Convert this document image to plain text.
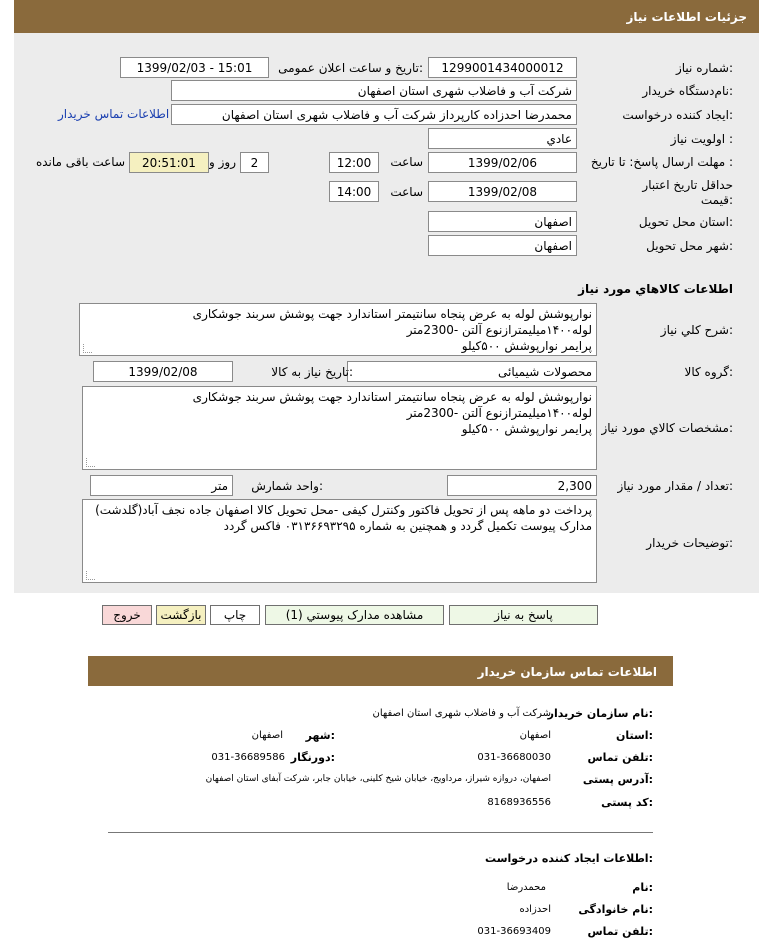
جزئیات اطلاعات نیاز
شماره نیاز:
1299001434000012
تاریخ و ساعت اعلان عمومی:
1399/02/03 - 15:01
نام‌دستگاه خریدار:
شرکت آب و فاضلاب شهری استان اصفهان
ایجاد کننده درخواست:
محمدرضا احدزاده کارپرداز شرکت آب و فاضلاب شهری استان اصفهان
اطلاعات تماس خریدار
اولویت نیاز :
عادي
مهلت ارسال پاسخ: تا تاریخ :
1399/02/06
ساعت
12:00
2
روز و
20:51:01
ساعت باقی مانده
حداقل تاریخ اعتبار قیمت:
1399/02/08
ساعت
14:00
استان محل تحویل:
اصفهان
شهر محل تحویل:
اصفهان
اطلاعات کالاهاي مورد نياز
شرح کلي نياز:
نوارپوشش لوله به عرض پنجاه سانتیمتر استاندارد جهت پوشش سربند جوشکاری
لوله۱۴۰۰میلیمترازنوع آلتن -2300متر
پرایمر نوارپوشش ۵۰۰کیلو
گروه کالا:
محصولات شیمیائی
تاریخ نیاز به کالا:
1399/02/08
مشخصات کالاي مورد نياز:
نوارپوشش لوله به عرض پنجاه سانتیمتر استاندارد جهت پوشش سربند جوشکاری
لوله۱۴۰۰میلیمترازنوع آلتن -2300متر
پرایمر نوارپوشش ۵۰۰کیلو
تعداد / مقدار مورد نیاز:
2,300
واحد شمارش:
متر
توضیحات خریدار:
پرداخت دو ماهه پس از تحویل فاکتور وکنترل کیفی -محل تحویل کالا اصفهان جاده نجف آباد(گلدشت)
مدارک پیوست تکمیل گردد و همچنین به شماره ۰۳۱۳۶۶۹۳۲۹۵ فاکس گردد
پاسخ به نیاز
مشاهده مدارک پیوستي (1)
چاپ
بازگشت
خروج
اطلاعات تماس سازمان خریدار
نام سازمان خریدار:
شرکت آب و فاضلاب شهری استان اصفهان
استان:
اصفهان
شهر:
اصفهان
تلفن تماس:
031-36680030
دورنگار:
031-36689586
آدرس پستی:
اصفهان، دروازه شیراز، مرداویج، خیابان شیخ کلینی، خیابان جابر، شرکت آبفای استان اصفهان
کد پستی:
8168936556
اطلاعات ایجاد کننده درخواست:
نام:
محمدرضا
نام خانوادگی:
احدزاده
تلفن تماس:
031-36693409
